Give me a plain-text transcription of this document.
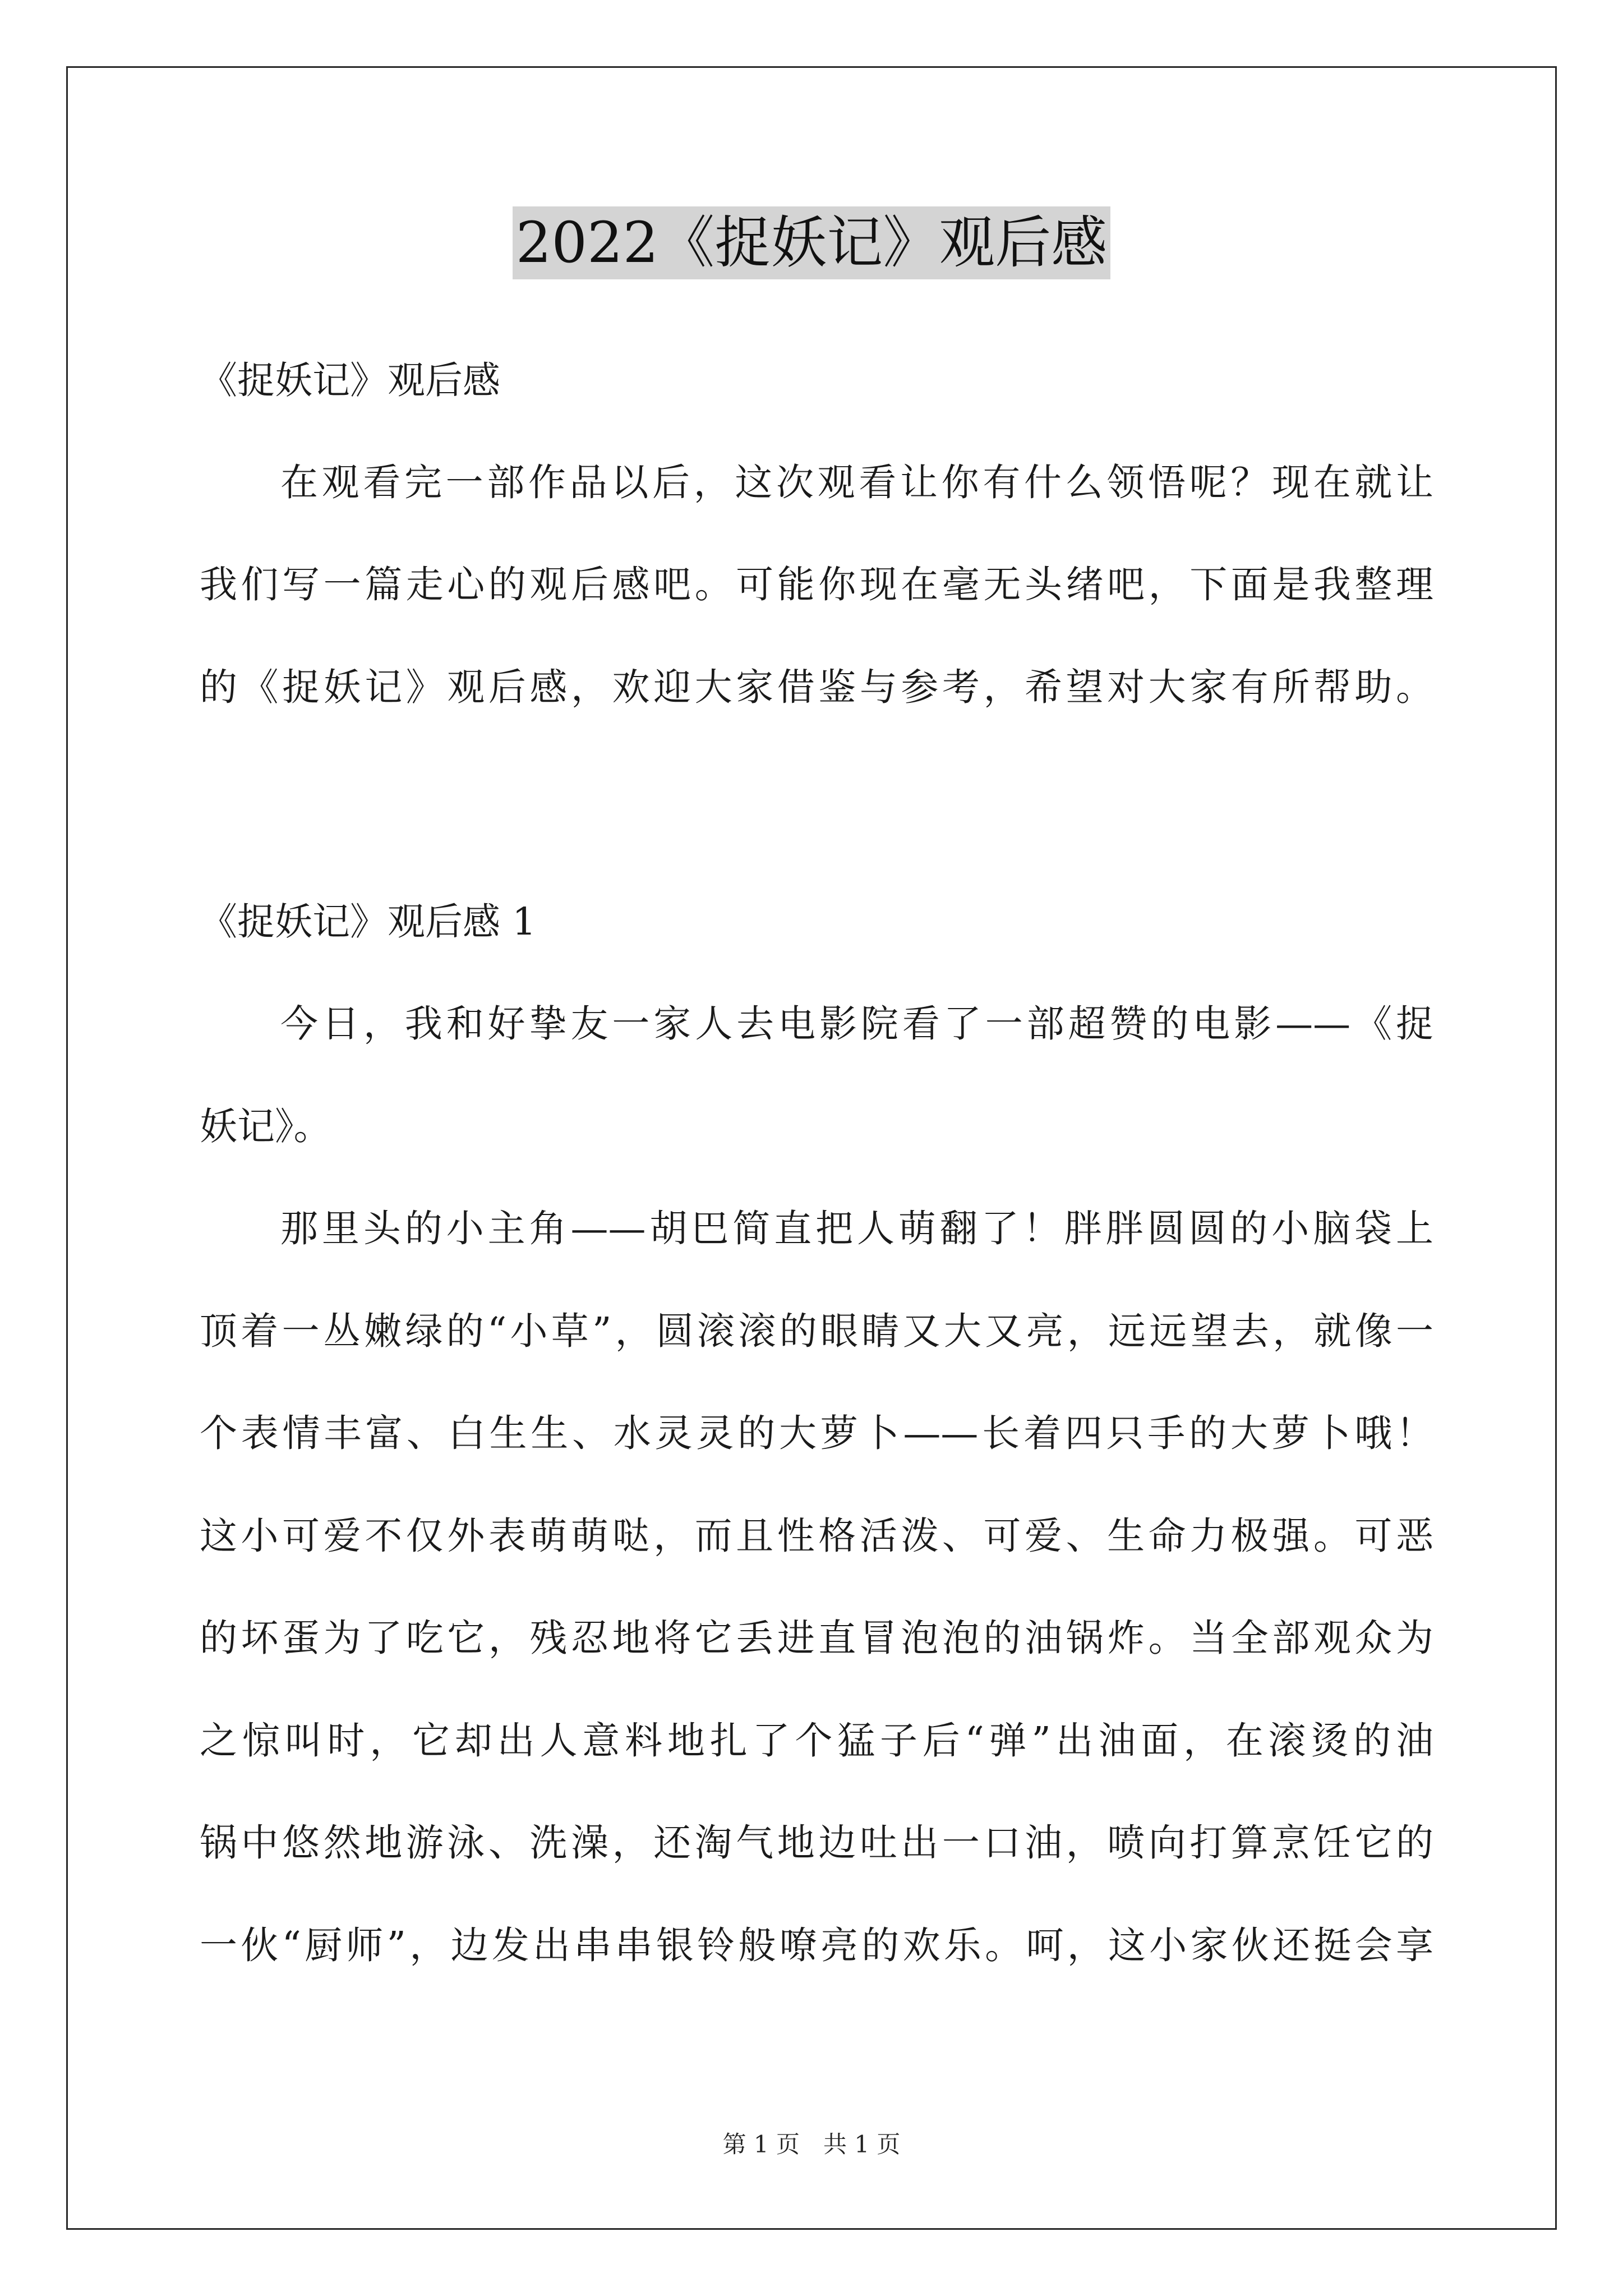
2022《捉妖记》观后感
《捉妖记》观后感
在观看完一部作品以后，这次观看让你有什么领悟呢？现在就让
我们写一篇走心的观后感吧。可能你现在毫无头绪吧，下面是我整理
的《捉妖记》观后感，欢迎大家借鉴与参考，希望对大家有所帮助。
《捉妖记》观后感 1
今日，我和好挚友一家人去电影院看了一部超赞的电影——《捉
妖记》。
那里头的小主角——胡巴简直把人萌翻了！胖胖圆圆的小脑袋上
顶着一丛嫩绿的“小草”，圆滚滚的眼睛又大又亮，远远望去，就像一
个表情丰富、白生生、水灵灵的大萝卜——长着四只手的大萝卜哦！
这小可爱不仅外表萌萌哒，而且性格活泼、可爱、生命力极强。可恶
的坏蛋为了吃它，残忍地将它丢进直冒泡泡的油锅炸。当全部观众为
之惊叫时，它却出人意料地扎了个猛子后“弹”出油面，在滚烫的油
锅中悠然地游泳、洗澡，还淘气地边吐出一口油，喷向打算烹饪它的
一伙“厨师”，边发出串串银铃般嘹亮的欢乐。呵，这小家伙还挺会享
第 1 页　共 1 页
